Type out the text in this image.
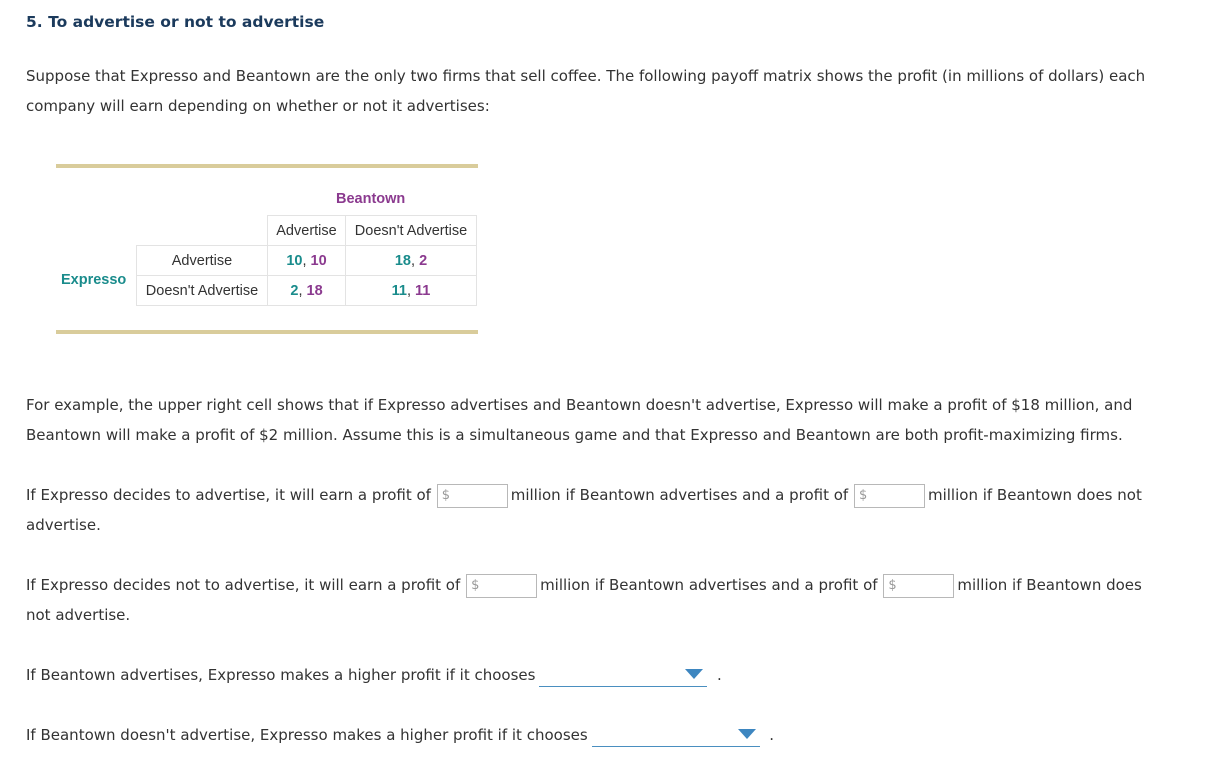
5. To advertise or not to advertise

Suppose that Expresso and Beantown are the only two firms that sell coffee. The following payoff matrix shows the profit (in millions of dollars) each company will earn depending on whether or not it advertises:

Beantown
Expresso
	Advertise	Doesn't Advertise
Advertise	10, 10	18, 2
Doesn't Advertise	2, 18	11, 11

For example, the upper right cell shows that if Expresso advertises and Beantown doesn't advertise, Expresso will make a profit of $18 million, and Beantown will make a profit of $2 million. Assume this is a simultaneous game and that Expresso and Beantown are both profit-maximizing firms.

If Expresso decides to advertise, it will earn a profit of $	million if Beantown advertises and a profit of $	million if Beantown does not advertise.

If Expresso decides not to advertise, it will earn a profit of $	million if Beantown advertises and a profit of $	million if Beantown does not advertise.

If Beantown advertises, Expresso makes a higher profit if it chooses	.

If Beantown doesn't advertise, Expresso makes a higher profit if it chooses	.
